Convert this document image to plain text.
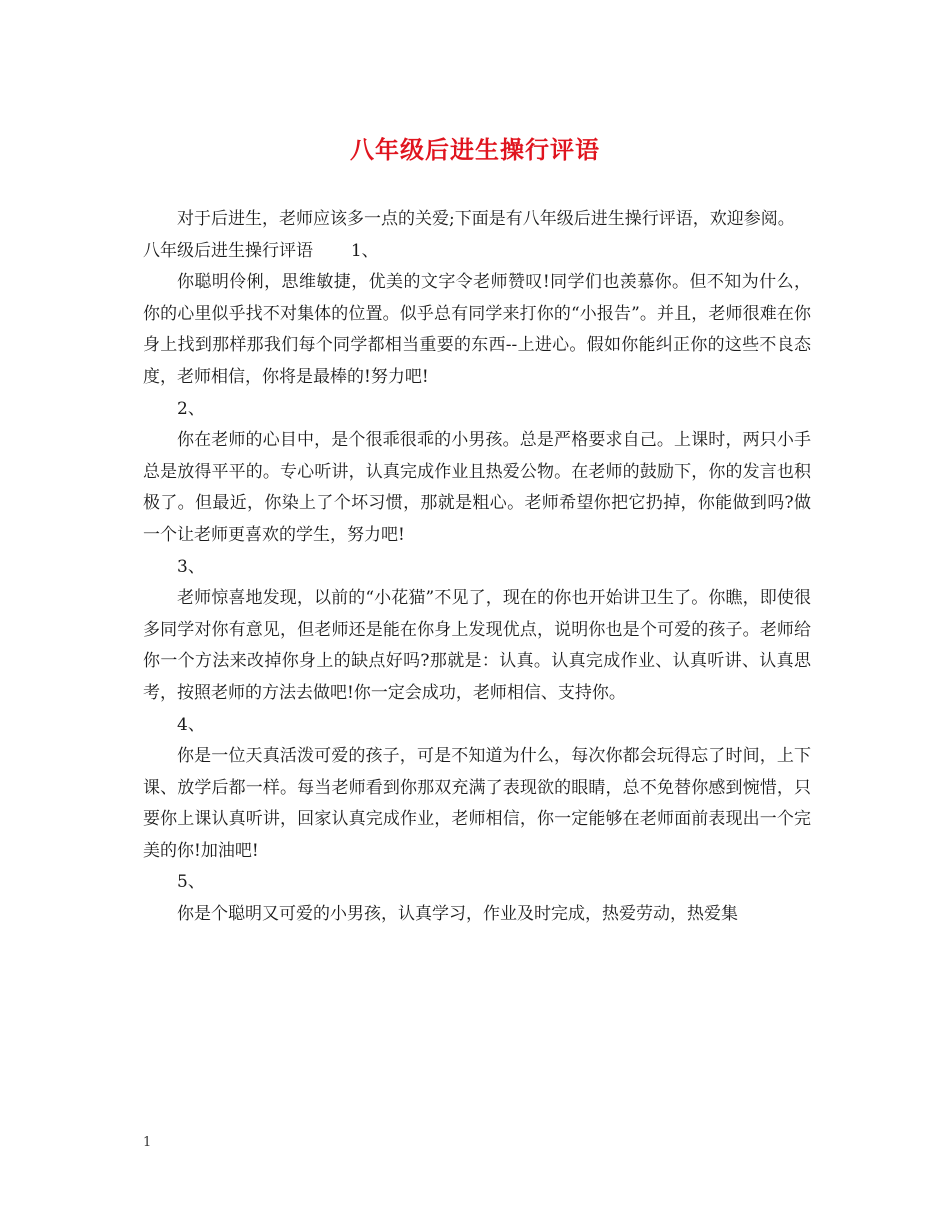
八年级后进生操行评语

对于后进生，老师应该多一点的关爱;下面是有八年级后进生操行评语，欢迎参阅。

八年级后进生操行评语 1、

你聪明伶俐，思维敏捷，优美的文字令老师赞叹!同学们也羡慕你。但不知为什么，你的心里似乎找不对集体的位置。似乎总有同学来打你的“小报告”。并且，老师很难在你身上找到那样那我们每个同学都相当重要的东西--上进心。假如你能纠正你的这些不良态度，老师相信，你将是最棒的!努力吧!

2、

你在老师的心目中，是个很乖很乖的小男孩。总是严格要求自己。上课时，两只小手总是放得平平的。专心听讲，认真完成作业且热爱公物。在老师的鼓励下，你的发言也积极了。但最近，你染上了个坏习惯，那就是粗心。老师希望你把它扔掉，你能做到吗?做一个让老师更喜欢的学生，努力吧!

3、

老师惊喜地发现，以前的“小花猫”不见了，现在的你也开始讲卫生了。你瞧，即使很多同学对你有意见，但老师还是能在你身上发现优点，说明你也是个可爱的孩子。老师给你一个方法来改掉你身上的缺点好吗?那就是：认真。认真完成作业、认真听讲、认真思考，按照老师的方法去做吧!你一定会成功，老师相信、支持你。

4、

你是一位天真活泼可爱的孩子，可是不知道为什么，每次你都会玩得忘了时间，上下课、放学后都一样。每当老师看到你那双充满了表现欲的眼睛，总不免替你感到惋惜，只要你上课认真听讲，回家认真完成作业，老师相信，你一定能够在老师面前表现出一个完美的你!加油吧!

5、

你是个聪明又可爱的小男孩，认真学习，作业及时完成，热爱劳动，热爱集

1
